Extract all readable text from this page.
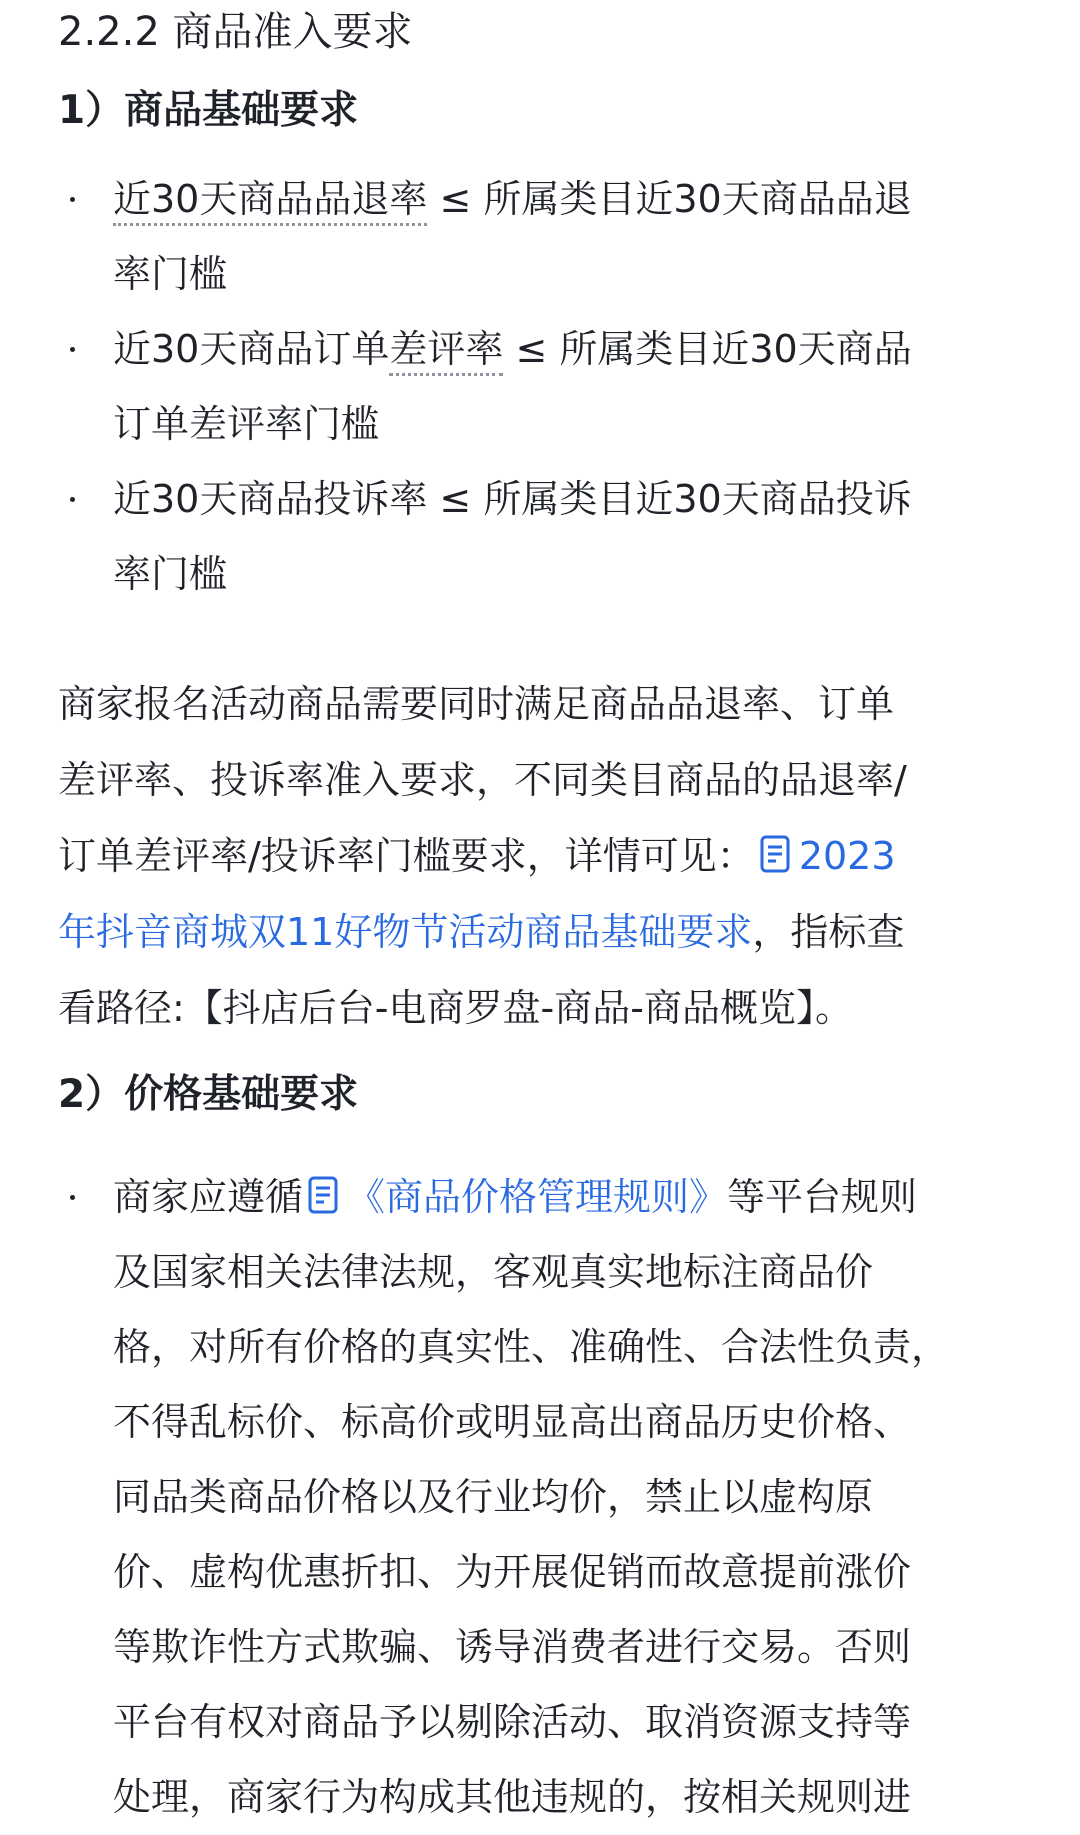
2.2.2 商品准入要求
1）商品基础要求
近30天商品品退率 ≤ 所属类目近30天商品品退
率门槛
近30天商品订单差评率 ≤ 所属类目近30天商品
订单差评率门槛
近30天商品投诉率 ≤ 所属类目近30天商品投诉
率门槛

商家报名活动商品需要同时满足商品品退率、订单
差评率、投诉率准入要求，不同类目商品的品退率/
订单差评率/投诉率门槛要求，详情可见： 2023
年抖音商城双11好物节活动商品基础要求，指标查
看路径:【抖店后台-电商罗盘-商品-商品概览】。

2）价格基础要求
商家应遵循 《商品价格管理规则》等平台规则
及国家相关法律法规，客观真实地标注商品价
格，对所有价格的真实性、准确性、合法性负责，
不得乱标价、标高价或明显高出商品历史价格、
同品类商品价格以及行业均价，禁止以虚构原
价、虚构优惠折扣、为开展促销而故意提前涨价
等欺诈性方式欺骗、诱导消费者进行交易。否则
平台有权对商品予以剔除活动、取消资源支持等
处理，商家行为构成其他违规的，按相关规则进
